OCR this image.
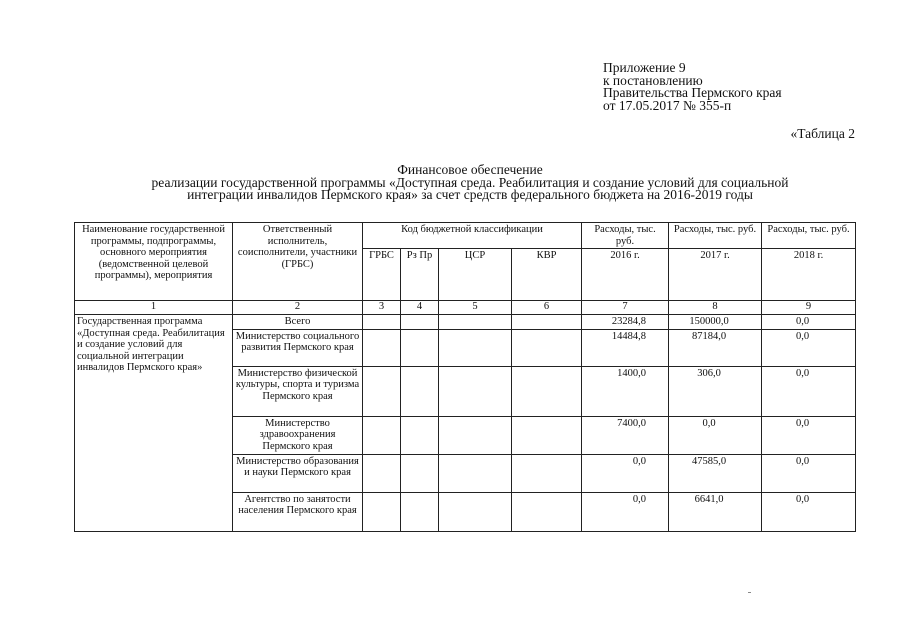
Приложение 9
к постановлению
Правительства Пермского края
от 17.05.2017 № 355-п
«Таблица 2
Финансовое обеспечение
реализации государственной программы «Доступная среда. Реабилитация и создание условий для социальной
интеграции инвалидов Пермского края» за счет средств федерального бюджета на 2016-2019 годы
Наименование государственной программы, подпрограммы, основного мероприятия (ведомственной целевой программы), мероприятия	Ответственный исполнитель, соисполнители, участники (ГРБС)	Код бюджетной классификации				Расходы, тыс. руб.	Расходы, тыс. руб.	Расходы, тыс. руб.
		ГРБС	Рз Пр	ЦСР	КВР	2016 г.	2017 г.	2018 г.
1	2	3	4	5	6	7	8	9
Государственная программа «Доступная среда. Реабилитация и создание условий для социальной интеграции инвалидов Пермского края»	Всего					23284,8	150000,0	0,0
	Министерство социального развития Пермского края					14484,8	87184,0	0,0
	Министерство физической культуры, спорта и туризма Пермского края					1400,0	306,0	0,0
	Министерство здравоохранения Пермского края					7400,0	0,0	0,0
	Министерство образования и науки Пермского края					0,0	47585,0	0,0
	Агентство по занятости населения Пермского края					0,0	6641,0	0,0
